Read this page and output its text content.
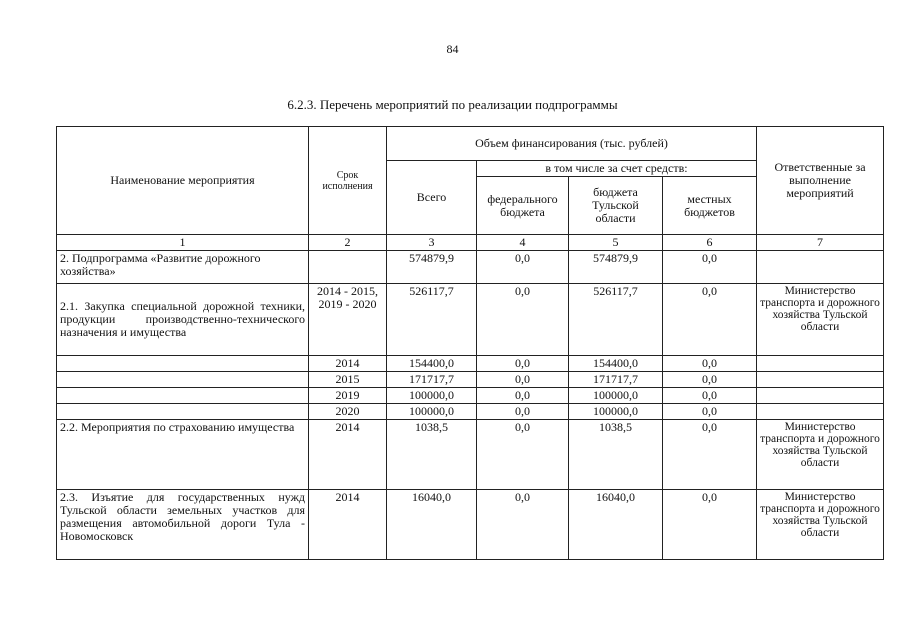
84
6.2.3. Перечень мероприятий по реализации подпрограммы
Наименование мероприятия	Срок исполнения	Объем финансирования (тыс. рублей)				Ответственные за выполнение мероприятий
		Всего	в том числе за счет средств:			
			федерального бюджета	бюджета Тульской области	местных бюджетов	
1	2	3	4	5	6	7
2. Подпрограмма «Развитие дорожного хозяйства»		574879,9	0,0	574879,9	0,0	
2.1. Закупка специальной дорожной техники, продукции производственно-технического назначения и имущества	2014 - 2015, 2019 - 2020	526117,7	0,0	526117,7	0,0	Министерство транспорта и дорожного хозяйства Тульской области
	2014	154400,0	0,0	154400,0	0,0	
	2015	171717,7	0,0	171717,7	0,0	
	2019	100000,0	0,0	100000,0	0,0	
	2020	100000,0	0,0	100000,0	0,0	
2.2. Мероприятия по страхованию имущества	2014	1038,5	0,0	1038,5	0,0	Министерство транспорта и дорожного хозяйства Тульской области
2.3. Изъятие для государственных нужд Тульской области земельных участков для размещения автомобильной дороги Тула - Новомосковск	2014	16040,0	0,0	16040,0	0,0	Министерство транспорта и дорожного хозяйства Тульской области
